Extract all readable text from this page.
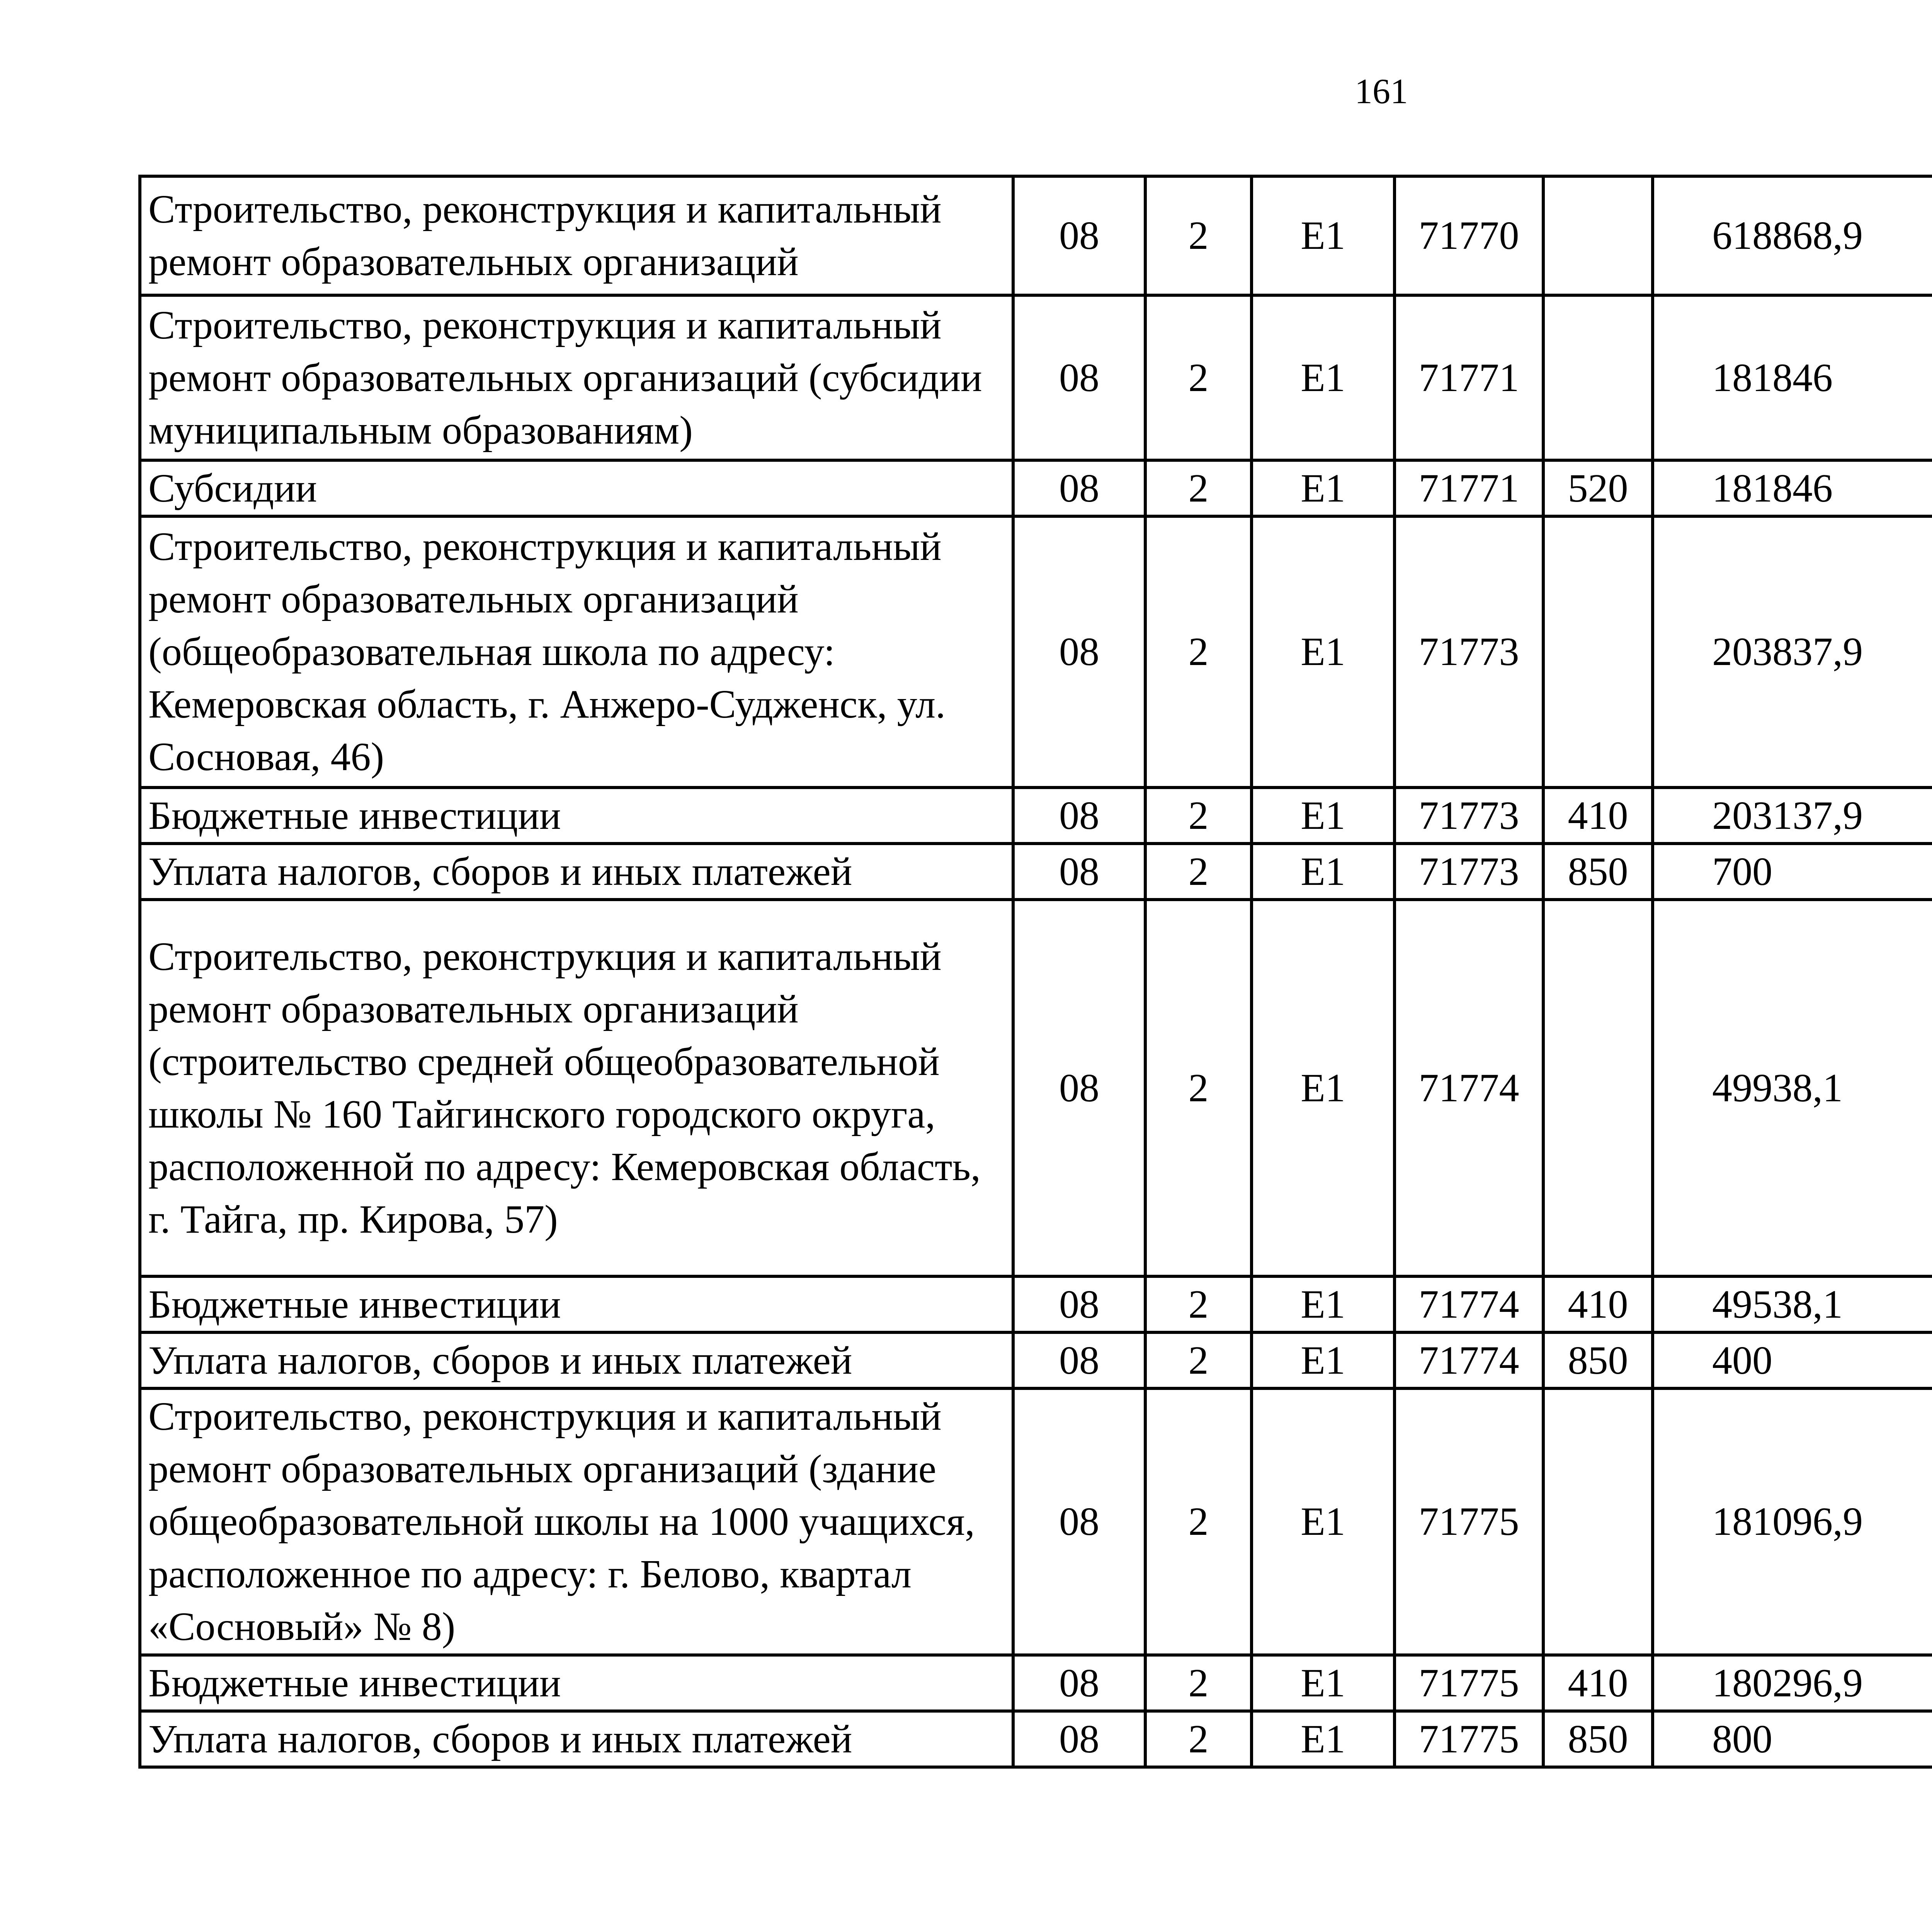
161
Строительство, реконструкция и капитальный ремонт образовательных организаций	08	2	E1	71770		618868,9		
Строительство, реконструкция и капитальный ремонт образовательных организаций (субсидии муниципальным образованиям)	08	2	E1	71771		181846		
Субсидии	08	2	E1	71771	520	181846		
Строительство, реконструкция и капитальный ремонт образовательных организаций (общеобразовательная школа по адресу: Кемеровская область, г. Анжеро-Судженск, ул. Сосновая, 46)	08	2	E1	71773		203837,9		
Бюджетные инвестиции	08	2	E1	71773	410	203137,9		
Уплата налогов, сборов и иных платежей	08	2	E1	71773	850	700		
Строительство, реконструкция и капитальный ремонт образовательных организаций (строительство средней общеобразовательной школы № 160 Тайгинского городского округа, расположенной по адресу: Кемеровская область, г. Тайга, пр. Кирова, 57)	08	2	E1	71774		49938,1		
Бюджетные инвестиции	08	2	E1	71774	410	49538,1		
Уплата налогов, сборов и иных платежей	08	2	E1	71774	850	400		
Строительство, реконструкция и капитальный ремонт образовательных организаций (здание общеобразовательной школы на 1000 учащихся, расположенное по адресу: г. Белово, квартал «Сосновый» № 8)	08	2	E1	71775		181096,9		
Бюджетные инвестиции	08	2	E1	71775	410	180296,9		
Уплата налогов, сборов и иных платежей	08	2	E1	71775	850	800		
